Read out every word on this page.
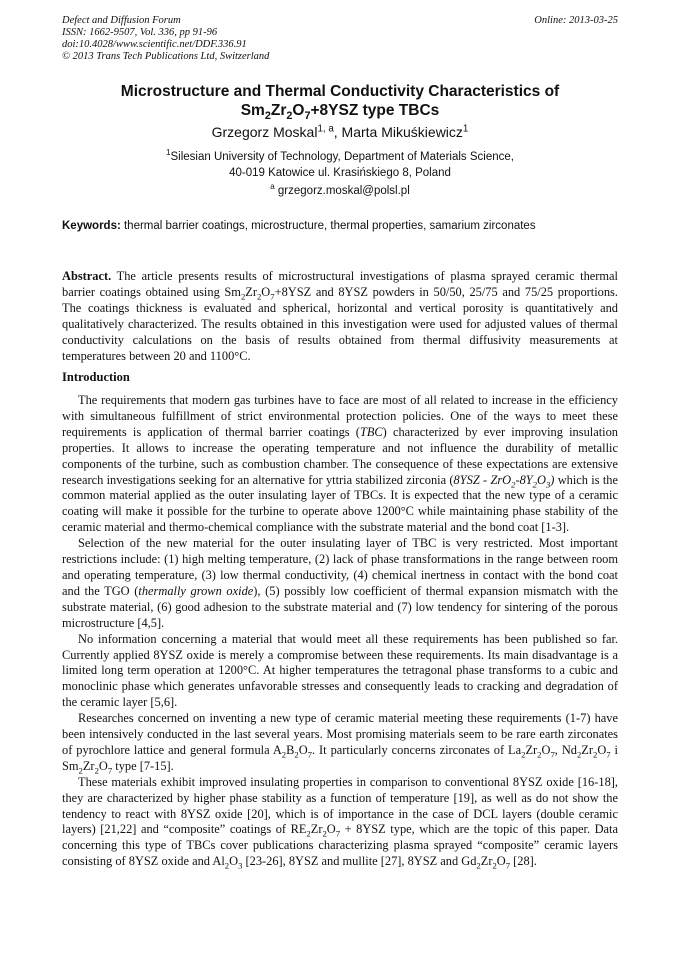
Defect and Diffusion Forum
ISSN: 1662-9507, Vol. 336, pp 91-96
doi:10.4028/www.scientific.net/DDF.336.91
© 2013 Trans Tech Publications Ltd, Switzerland
Online: 2013-03-25
Microstructure and Thermal Conductivity Characteristics of
$Sm_2Zr_2O_7+8YSZ$ type TBCs
Grzegorz Moskal$^{1, a}$, Marta Mikuśkiewicz$^1$
$^1$Silesian University of Technology, Department of Materials Science,
40-019 Katowice ul. Krasińskiego 8, Poland
$^a$ grzegorz.moskal@polsl.pl
Keywords: thermal barrier coatings, microstructure, thermal properties, samarium zirconates
Abstract. The article presents results of microstructural investigations of plasma sprayed ceramic thermal barrier coatings obtained using $Sm_2Zr_2O_7+8YSZ$ and 8YSZ powders in 50/50, 25/75 and 75/25 proportions. The coatings thickness is evaluated and spherical, horizontal and vertical porosity is quantitatively and qualitatively characterized. The results obtained in this investigation were used for adjusted values of thermal conductivity calculations on the basis of results obtained from thermal diffusivity measurements at temperatures between 20 and 1100°C.
Introduction

The requirements that modern gas turbines have to face are most of all related to increase in the efficiency with simultaneous fulfillment of strict environmental protection policies. One of the ways to meet these requirements is application of thermal barrier coatings (TBC) characterized by ever improving insulation properties. It allows to increase the operating temperature and not influence the durability of metallic components of the turbine, such as combustion chamber. The consequence of these expectations are extensive research investigations seeking for an alternative for yttria stabilized zirconia $(8YSZ - ZrO_2-8Y_2O_3)$ which is the common material applied as the outer insulating layer of TBCs. It is expected that the new type of a ceramic coating will make it possible for the turbine to operate above 1200°C while maintaining phase stability of the ceramic material and thermo-chemical compliance with the substrate material and the bond coat [1-3].

Selection of the new material for the outer insulating layer of TBC is very restricted. Most important restrictions include: (1) high melting temperature, (2) lack of phase transformations in the range between room and operating temperature, (3) low thermal conductivity, (4) chemical inertness in contact with the bond coat and the TGO (thermally grown oxide), (5) possibly low coefficient of thermal expansion mismatch with the substrate material, (6) good adhesion to the substrate material and (7) low tendency for sintering of the porous microstructure [4,5].

No information concerning a material that would meet all these requirements has been published so far. Currently applied 8YSZ oxide is merely a compromise between these requirements. Its main disadvantage is a limited long term operation at 1200°C. At higher temperatures the tetragonal phase transforms to a cubic and monoclinic phase which generates unfavorable stresses and consequently leads to cracking and degradation of the ceramic layer [5,6].

Researches concerned on inventing a new type of ceramic material meeting these requirements (1-7) have been intensively conducted in the last several years. Most promising materials seem to be rare earth zirconates of pyrochlore lattice and general formula $A_2B_2O_7$. It particularly concerns zirconates of $La_2Zr_2O_7$, $Nd_2Zr_2O_7$ i $Sm_2Zr_2O_7$ type [7-15].

These materials exhibit improved insulating properties in comparison to conventional 8YSZ oxide [16-18], they are characterized by higher phase stability as a function of temperature [19], as well as do not show the tendency to react with 8YSZ oxide [20], which is of importance in the case of DCL layers (double ceramic layers) [21,22] and “composite” coatings of $RE_2Zr_2O_7 + 8YSZ$ type, which are the topic of this paper. Data concerning this type of TBCs cover publications characterizing plasma sprayed “composite” ceramic layers consisting of 8YSZ oxide and $Al_2O_3$ [23-26], 8YSZ and mullite [27], 8YSZ and $Gd_2Zr_2O_7$ [28].
